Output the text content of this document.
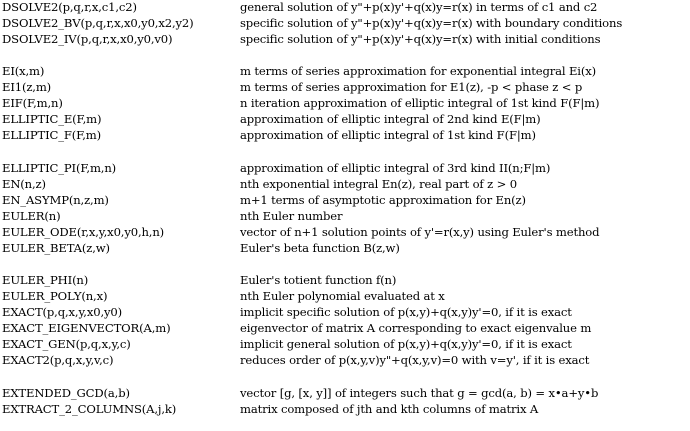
DSOLVE2(p,q,r,x,c1,c2)	general solution of y"+p(x)y'+q(x)y=r(x) in terms of c1 and c2
DSOLVE2_BV(p,q,r,x,x0,y0,x2,y2)	specific solution of y"+p(x)y'+q(x)y=r(x) with boundary conditions
DSOLVE2_IV(p,q,r,x,x0,y0,v0)	specific solution of y"+p(x)y'+q(x)y=r(x) with initial conditions
EI(x,m)	m terms of series approximation for exponential integral Ei(x)
EI1(z,m)	m terms of series approximation for E1(z), -p < phase z < p
EIF(F,m,n)	n iteration approximation of elliptic integral of 1st kind F(F|m)
ELLIPTIC_E(F,m)	approximation of elliptic integral of 2nd kind E(F|m)
ELLIPTIC_F(F,m)	approximation of elliptic integral of 1st kind F(F|m)
ELLIPTIC_PI(F,m,n)	approximation of elliptic integral of 3rd kind II(n;F|m)
EN(n,z)	nth exponential integral En(z), real part of z > 0
EN_ASYMP(n,z,m)	m+1 terms of asymptotic approximation for En(z)
EULER(n)	nth Euler number
EULER_ODE(r,x,y,x0,y0,h,n)	vector of n+1 solution points of y'=r(x,y) using Euler's method
EULER_BETA(z,w)	Euler's beta function B(z,w)
EULER_PHI(n)	Euler's totient function f(n)
EULER_POLY(n,x)	nth Euler polynomial evaluated at x
EXACT(p,q,x,y,x0,y0)	implicit specific solution of p(x,y)+q(x,y)y'=0, if it is exact
EXACT_EIGENVECTOR(A,m)	eigenvector of matrix A corresponding to exact eigenvalue m
EXACT_GEN(p,q,x,y,c)	implicit general solution of p(x,y)+q(x,y)y'=0, if it is exact
EXACT2(p,q,x,y,v,c)	reduces order of p(x,y,v)y"+q(x,y,v)=0 with v=y', if it is exact
EXTENDED_GCD(a,b)	vector [g, [x, y]] of integers such that g = gcd(a, b) = x•a+y•b
EXTRACT_2_COLUMNS(A,j,k)	matrix composed of jth and kth columns of matrix A
